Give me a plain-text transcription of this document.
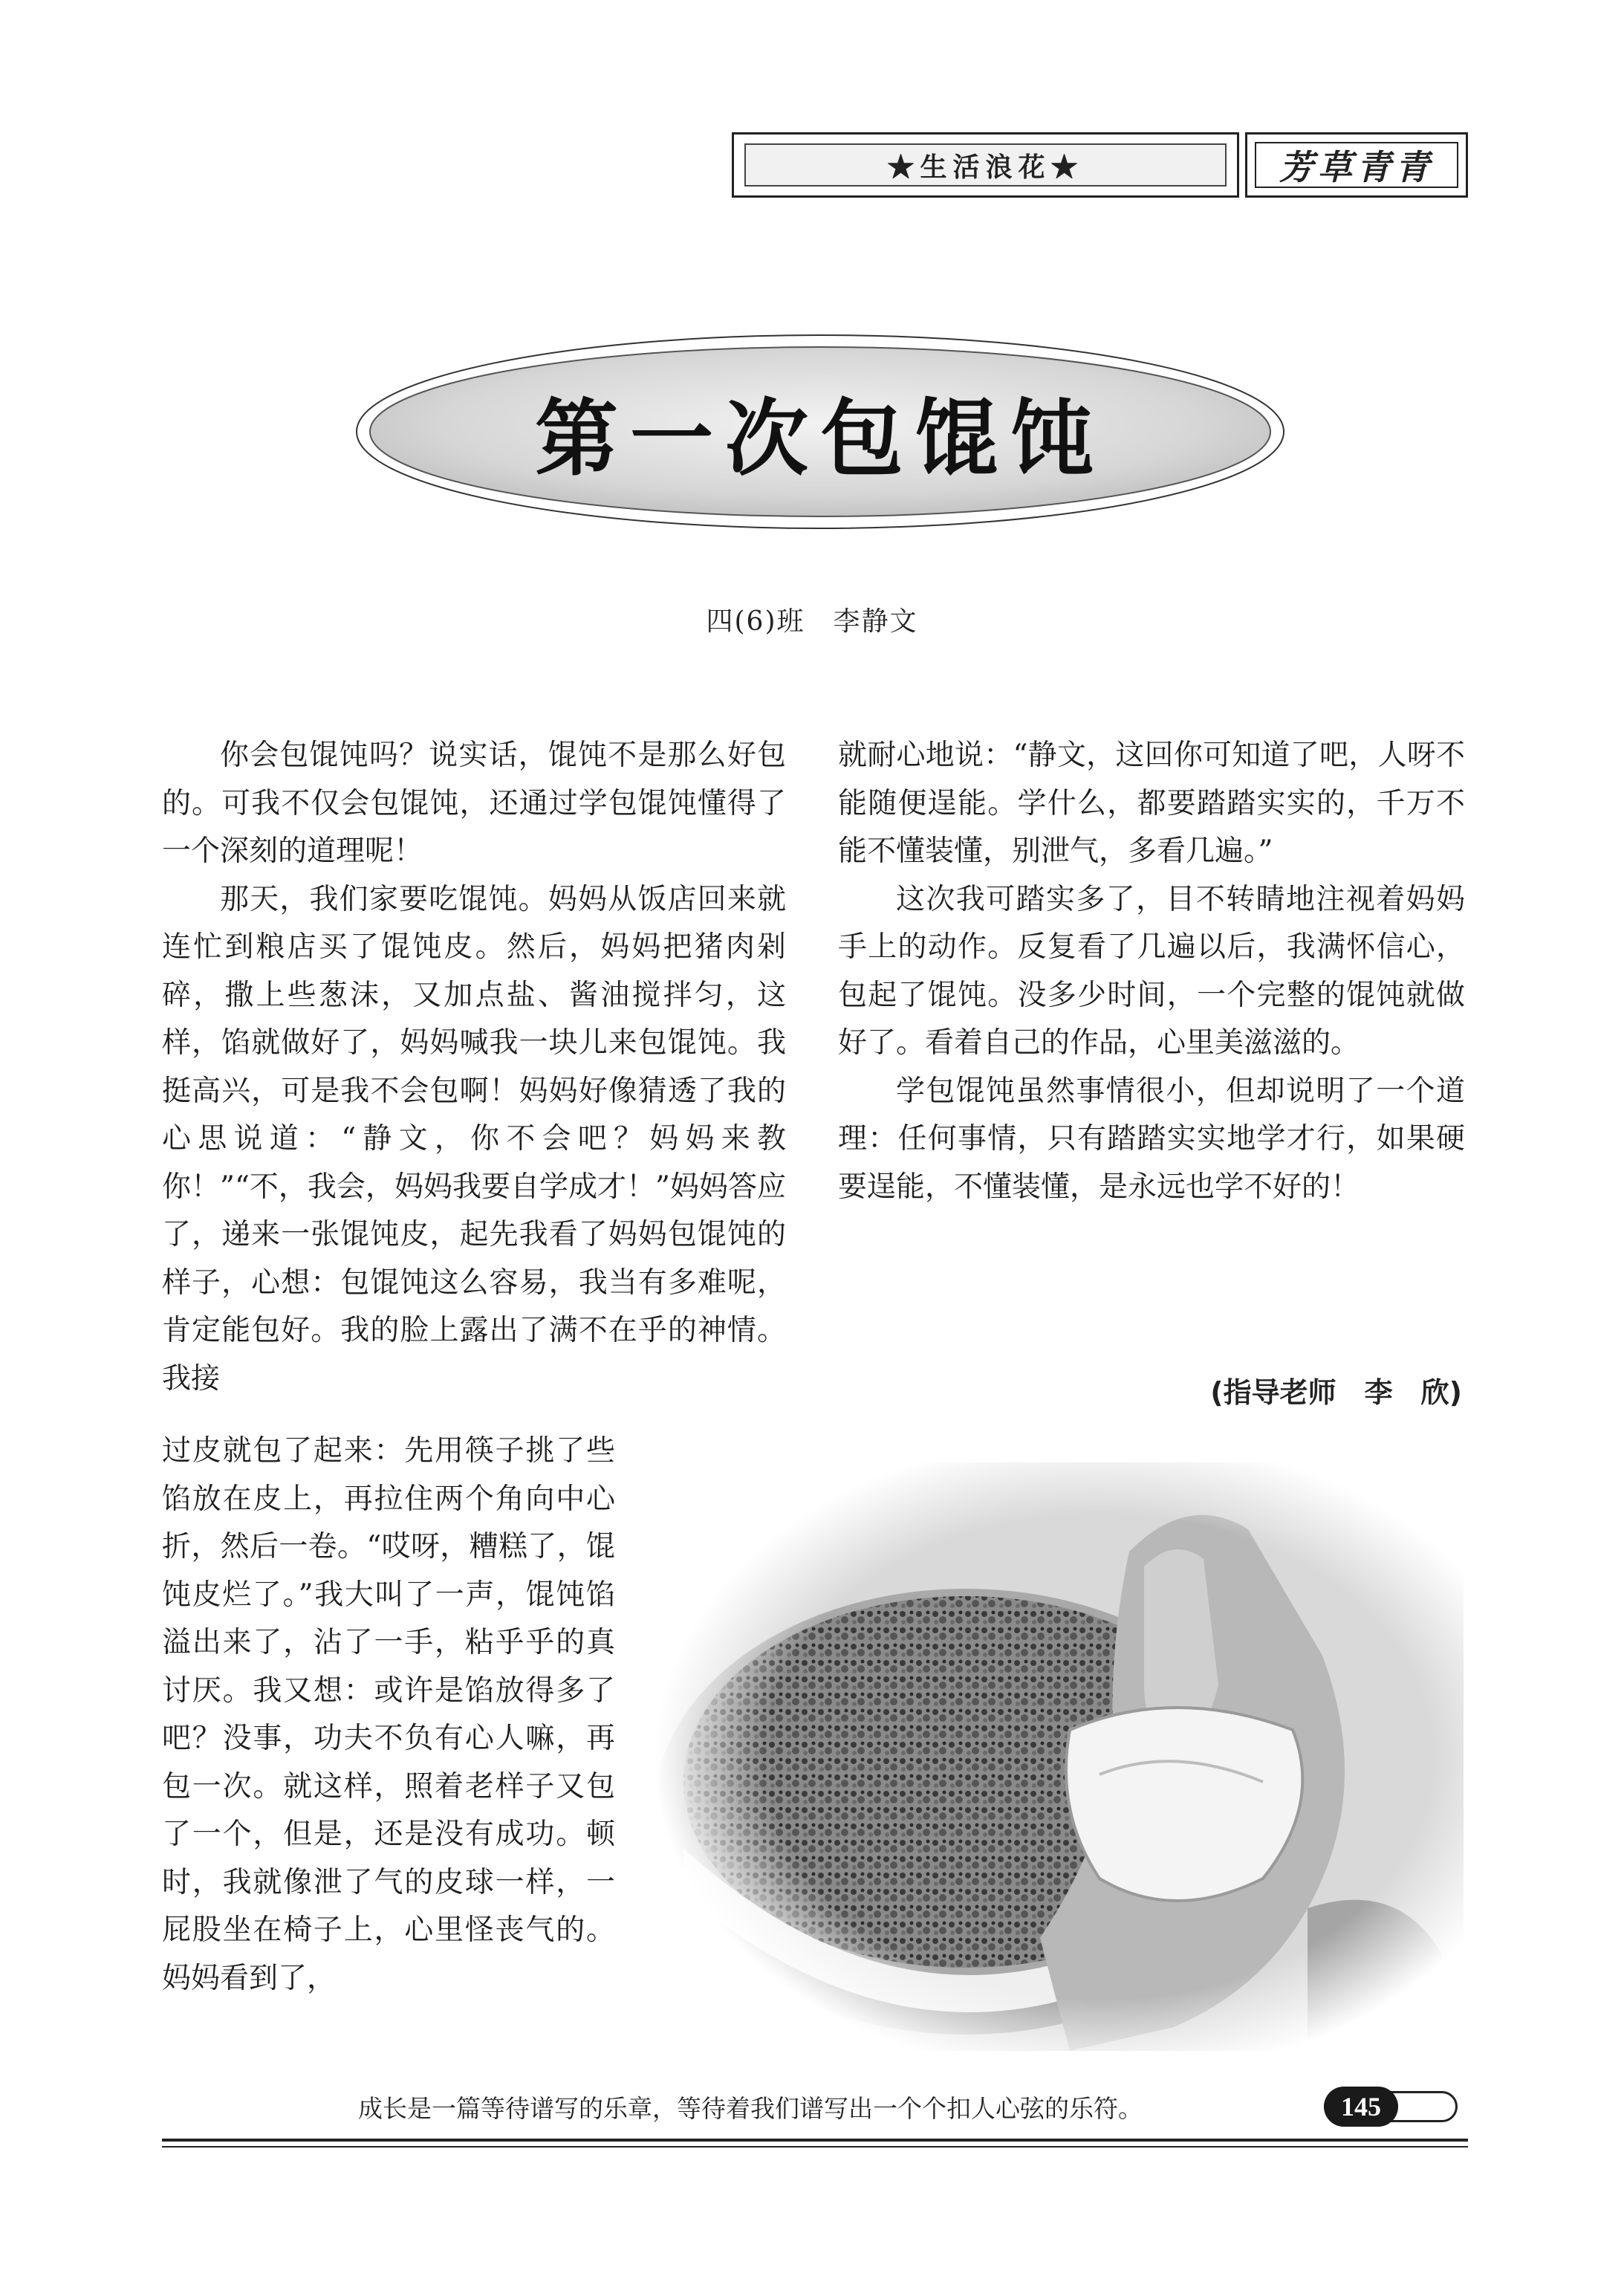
★生活浪花★	芳草青青
第一次包馄饨
四(6)班　李静文

你会包馄饨吗？说实话，馄饨不是那么好包的。可我不仅会包馄饨，还通过学包馄饨懂得了一个深刻的道理呢！

那天，我们家要吃馄饨。妈妈从饭店回来就连忙到粮店买了馄饨皮。然后，妈妈把猪肉剁碎，撒上些葱沫，又加点盐、酱油搅拌匀，这样，馅就做好了，妈妈喊我一块儿来包馄饨。我挺高兴，可是我不会包啊！妈妈好像猜透了我的心思说道：“静文，你不会吧？妈妈来教你！”“不，我会，妈妈我要自学成才！”妈妈答应了，递来一张馄饨皮，起先我看了妈妈包馄饨的样子，心想：包馄饨这么容易，我当有多难呢，肯定能包好。我的脸上露出了满不在乎的神情。我接

过皮就包了起来：先用筷子挑了些馅放在皮上，再拉住两个角向中心折，然后一卷。“哎呀，糟糕了，馄饨皮烂了。”我大叫了一声，馄饨馅溢出来了，沾了一手，粘乎乎的真讨厌。我又想：或许是馅放得多了吧？没事，功夫不负有心人嘛，再包一次。就这样，照着老样子又包了一个，但是，还是没有成功。顿时，我就像泄了气的皮球一样，一屁股坐在椅子上，心里怪丧气的。妈妈看到了，

就耐心地说：“静文，这回你可知道了吧，人呀不能随便逞能。学什么，都要踏踏实实的，千万不能不懂装懂，别泄气，多看几遍。”

这次我可踏实多了，目不转睛地注视着妈妈手上的动作。反复看了几遍以后，我满怀信心，包起了馄饨。没多少时间，一个完整的馄饨就做好了。看着自己的作品，心里美滋滋的。

学包馄饨虽然事情很小，但却说明了一个道理：任何事情，只有踏踏实实地学才行，如果硬要逞能，不懂装懂，是永远也学不好的！

(指导老师　李　欣)
成长是一篇等待谱写的乐章，等待着我们谱写出一个个扣人心弦的乐符。	145
